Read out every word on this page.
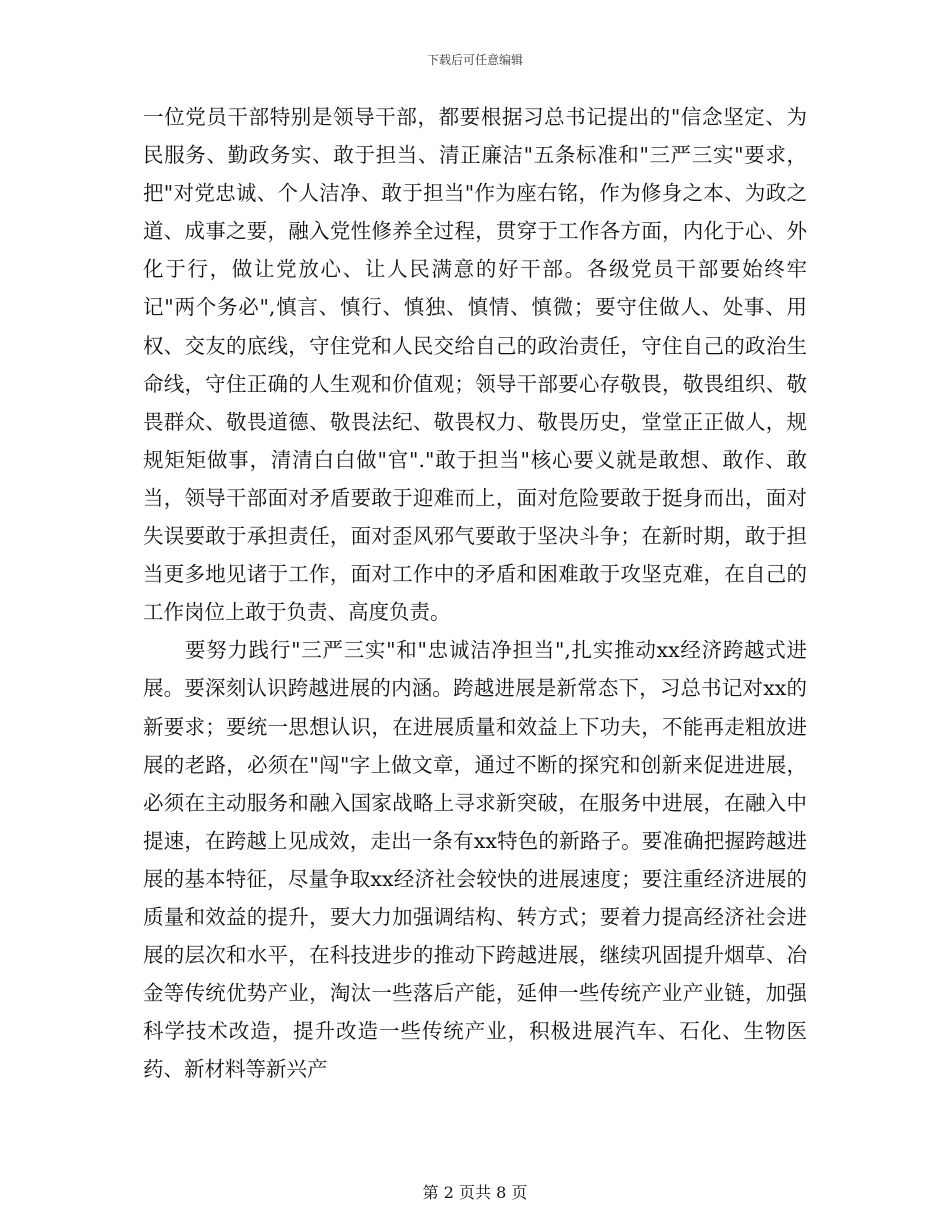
下载后可任意编辑

一位党员干部特别是领导干部，都要根据习总书记提出的"信念坚定、为民服务、勤政务实、敢于担当、清正廉洁"五条标准和"三严三实"要求，把"对党忠诚、个人洁净、敢于担当"作为座右铭，作为修身之本、为政之道、成事之要，融入党性修养全过程，贯穿于工作各方面，内化于心、外化于行，做让党放心、让人民满意的好干部。各级党员干部要始终牢记"两个务必",慎言、慎行、慎独、慎情、慎微；要守住做人、处事、用权、交友的底线，守住党和人民交给自己的政治责任，守住自己的政治生命线，守住正确的人生观和价值观；领导干部要心存敬畏，敬畏组织、敬畏群众、敬畏道德、敬畏法纪、敬畏权力、敬畏历史，堂堂正正做人，规规矩矩做事，清清白白做"官"."敢于担当"核心要义就是敢想、敢作、敢当，领导干部面对矛盾要敢于迎难而上，面对危险要敢于挺身而出，面对失误要敢于承担责任，面对歪风邪气要敢于坚决斗争；在新时期，敢于担当更多地见诸于工作，面对工作中的矛盾和困难敢于攻坚克难，在自己的工作岗位上敢于负责、高度负责。

要努力践行"三严三实"和"忠诚洁净担当",扎实推动xx经济跨越式进展。要深刻认识跨越进展的内涵。跨越进展是新常态下，习总书记对xx的新要求；要统一思想认识，在进展质量和效益上下功夫，不能再走粗放进展的老路，必须在"闯"字上做文章，通过不断的探究和创新来促进进展，必须在主动服务和融入国家战略上寻求新突破，在服务中进展，在融入中提速，在跨越上见成效，走出一条有xx特色的新路子。要准确把握跨越进展的基本特征，尽量争取xx经济社会较快的进展速度；要注重经济进展的质量和效益的提升，要大力加强调结构、转方式；要着力提高经济社会进展的层次和水平，在科技进步的推动下跨越进展，继续巩固提升烟草、冶金等传统优势产业，淘汰一些落后产能，延伸一些传统产业产业链，加强科学技术改造，提升改造一些传统产业，积极进展汽车、石化、生物医药、新材料等新兴产

第 2 页共 8 页
